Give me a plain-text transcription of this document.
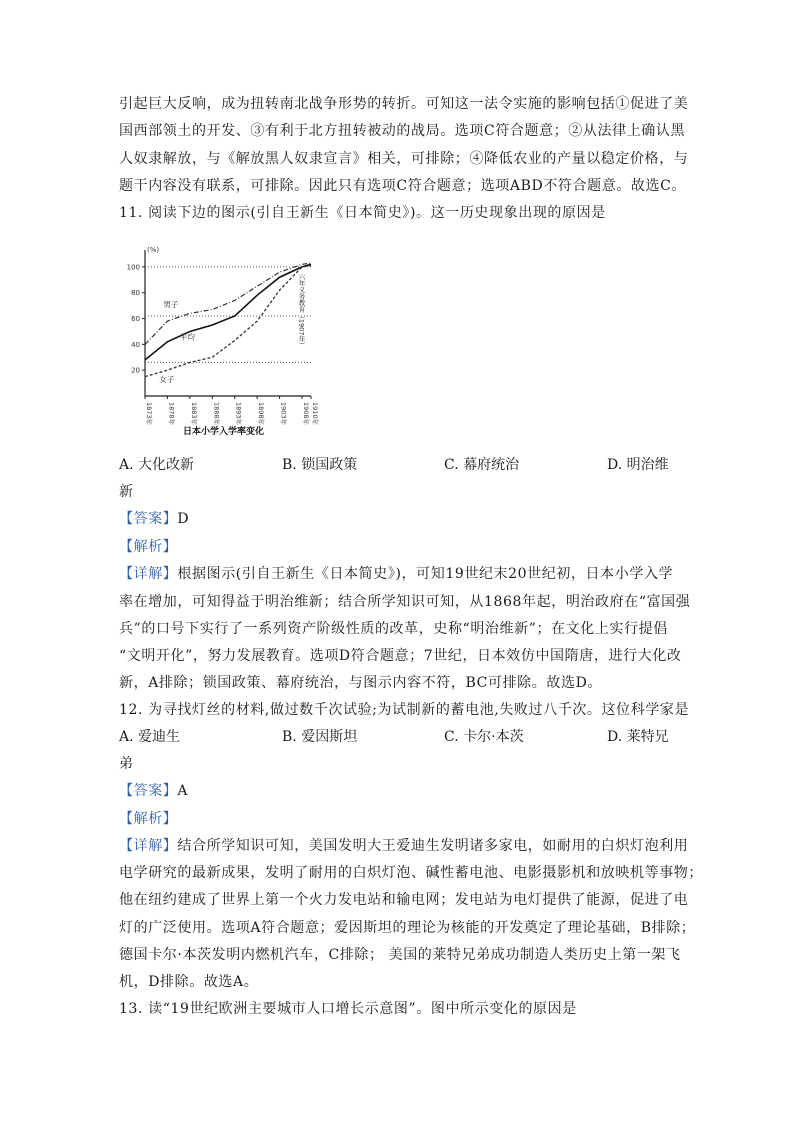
引起巨大反响，成为扭转南北战争形势的转折。可知这一法令实施的影响包括①促进了美
国西部领土的开发、③有利于北方扭转被动的战局。选项C符合题意；②从法律上确认黑
人奴隶解放，与《解放黑人奴隶宣言》相关，可排除；④降低农业的产量以稳定价格，与
题干内容没有联系，可排除。因此只有选项C符合题意；选项ABD不符合题意。故选C。
11. 阅读下边的图示(引自王新生《日本简史》)。这一历史现象出现的原因是
(%)
20
40
60
80
100
1873年 1878年 1883年 1888年 1893年 1898年 1903年 1908年 1910年
男子
平均
女子
六年义务教育（1907年）
日本小学入学率变化
A. 大化改新	B. 锁国政策	C. 幕府统治	D. 明治维
新
【答案】D
【解析】
【详解】根据图示(引自王新生《日本简史》)，可知19世纪末20世纪初，日本小学入学
率在增加，可知得益于明治维新；结合所学知识可知，从1868年起，明治政府在“富国强
兵”的口号下实行了一系列资产阶级性质的改革，史称“明治维新”；在文化上实行提倡
“文明开化”，努力发展教育。选项D符合题意；7世纪，日本效仿中国隋唐，进行大化改
新，A排除；锁国政策、幕府统治，与图示内容不符，BC可排除。故选D。
12. 为寻找灯丝的材料,做过数千次试验;为试制新的蓄电池,失败过八千次。这位科学家是
A. 爱迪生	B. 爱因斯坦	C. 卡尔·本茨	D. 莱特兄
弟
【答案】A
【解析】
【详解】结合所学知识可知，美国发明大王爱迪生发明诸多家电，如耐用的白炽灯泡利用
电学研究的最新成果，发明了耐用的白炽灯泡、碱性蓄电池、电影摄影机和放映机等事物；
他在纽约建成了世界上第一个火力发电站和输电网；发电站为电灯提供了能源，促进了电
灯的广泛使用。选项A符合题意；爱因斯坦的理论为核能的开发奠定了理论基础，B排除；
德国卡尔·本茨发明内燃机汽车，C排除； 美国的莱特兄弟成功制造人类历史上第一架飞
机，D排除。故选A。
13. 读“19世纪欧洲主要城市人口增长示意图”。图中所示变化的原因是
